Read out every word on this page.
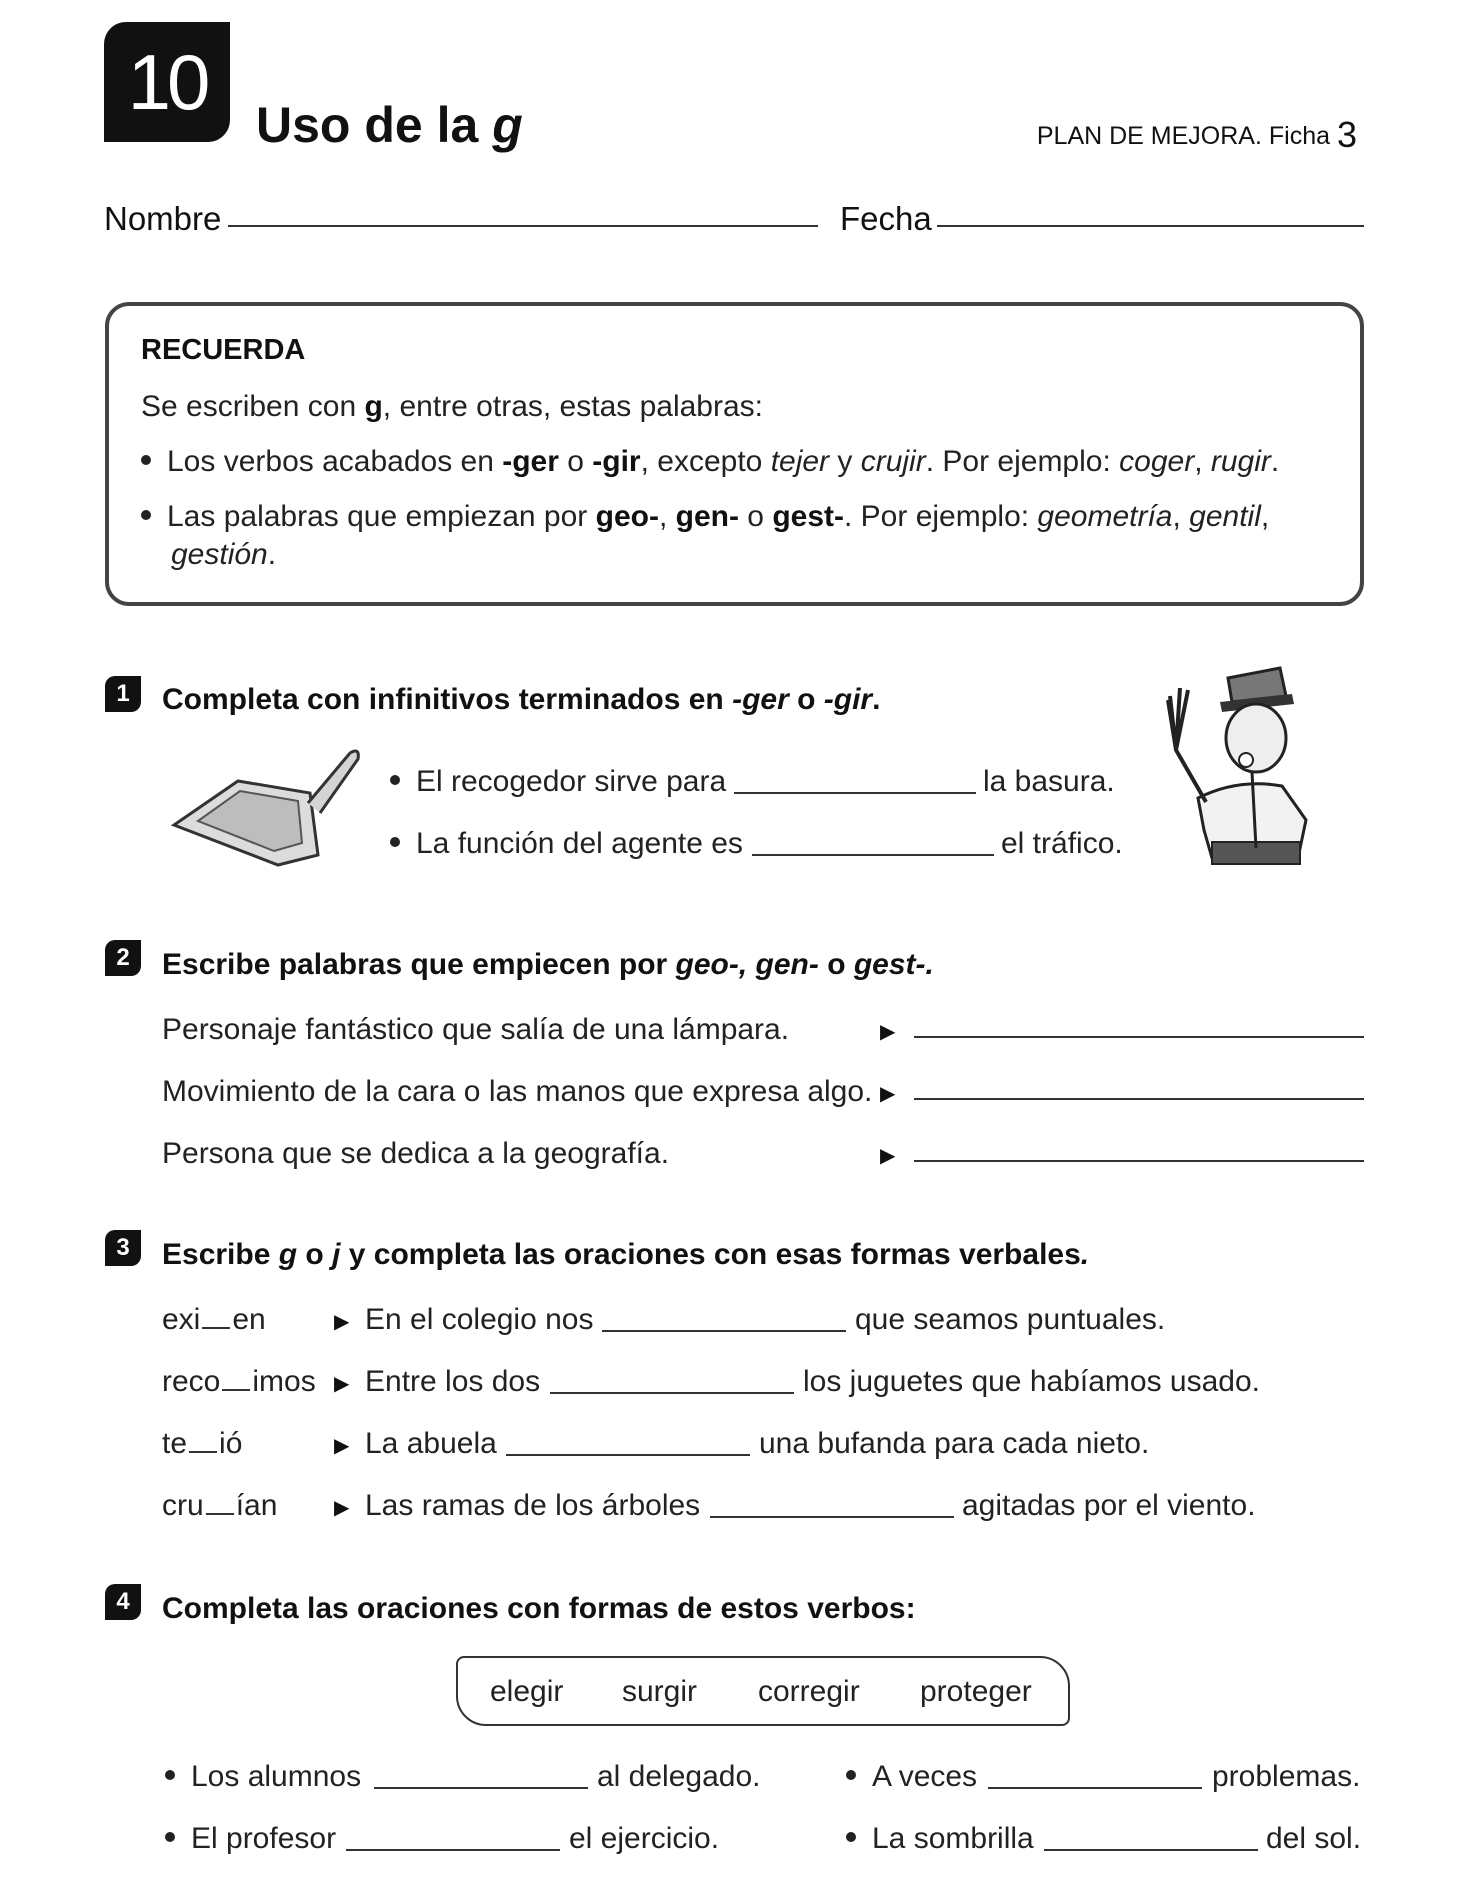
10 Uso de la g	PLAN DE MEJORA. Ficha 3
Nombre	Fecha
RECUERDA
Se escriben con g, entre otras, estas palabras:
Los verbos acabados en -ger o -gir, excepto tejer y crujir. Por ejemplo: coger, rugir.
Las palabras que empiezan por geo-, gen- o gest-. Por ejemplo: geometría, gentil,
gestión.
1	Completa con infinitivos terminados en -ger o -gir.
El recogedor sirve para	la basura.
La función del agente es	el tráfico.
2	Escribe palabras que empiecen por geo-, gen- o gest-.
Personaje fantástico que salía de una lámpara.	▶
Movimiento de la cara o las manos que expresa algo. ▶
Persona que se dedica a la geografía.	▶
3	Escribe g o j y completa las oraciones con esas formas verbales.
exi en	▶ En el colegio nos	que seamos puntuales.
reco imos ▶ Entre los dos	los juguetes que habíamos usado.
te ió	▶ La abuela	una bufanda para cada nieto.
cru ían	▶ Las ramas de los árboles	agitadas por el viento.
4	Completa las oraciones con formas de estos verbos:
elegir surgir corregir proteger
Los alumnos	al delegado.	A veces	problemas.
El profesor	el ejercicio.	La sombrilla	del sol.
